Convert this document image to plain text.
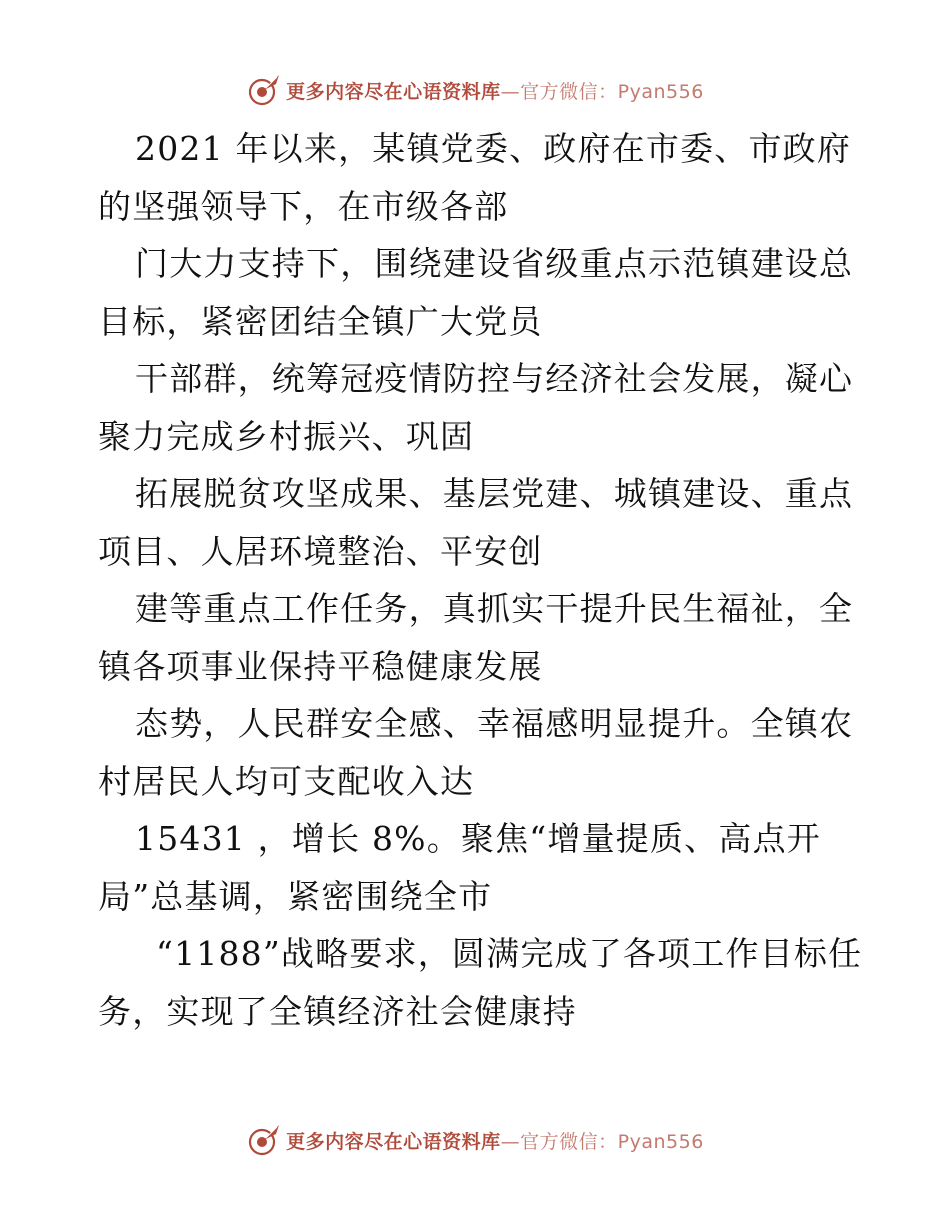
更多内容尽在心语资料库—官方微信：Pyan556

2021 年以来，某镇党委、政府在市委、市政府
的坚强领导下，在市级各部

门大力支持下，围绕建设省级重点示范镇建设总
目标，紧密团结全镇广大党员

干部群，统筹冠疫情防控与经济社会发展，凝心
聚力完成乡村振兴、巩固

拓展脱贫攻坚成果、基层党建、城镇建设、重点
项目、人居环境整治、平安创

建等重点工作任务，真抓实干提升民生福祉，全
镇各项事业保持平稳健康发展

态势，人民群安全感、幸福感明显提升。全镇农
村居民人均可支配收入达

15431 ，增长 8%。聚焦“增量提质、高点开
局”总基调，紧密围绕全市

“1188”战略要求，圆满完成了各项工作目标任
务，实现了全镇经济社会健康持

更多内容尽在心语资料库—官方微信：Pyan556
